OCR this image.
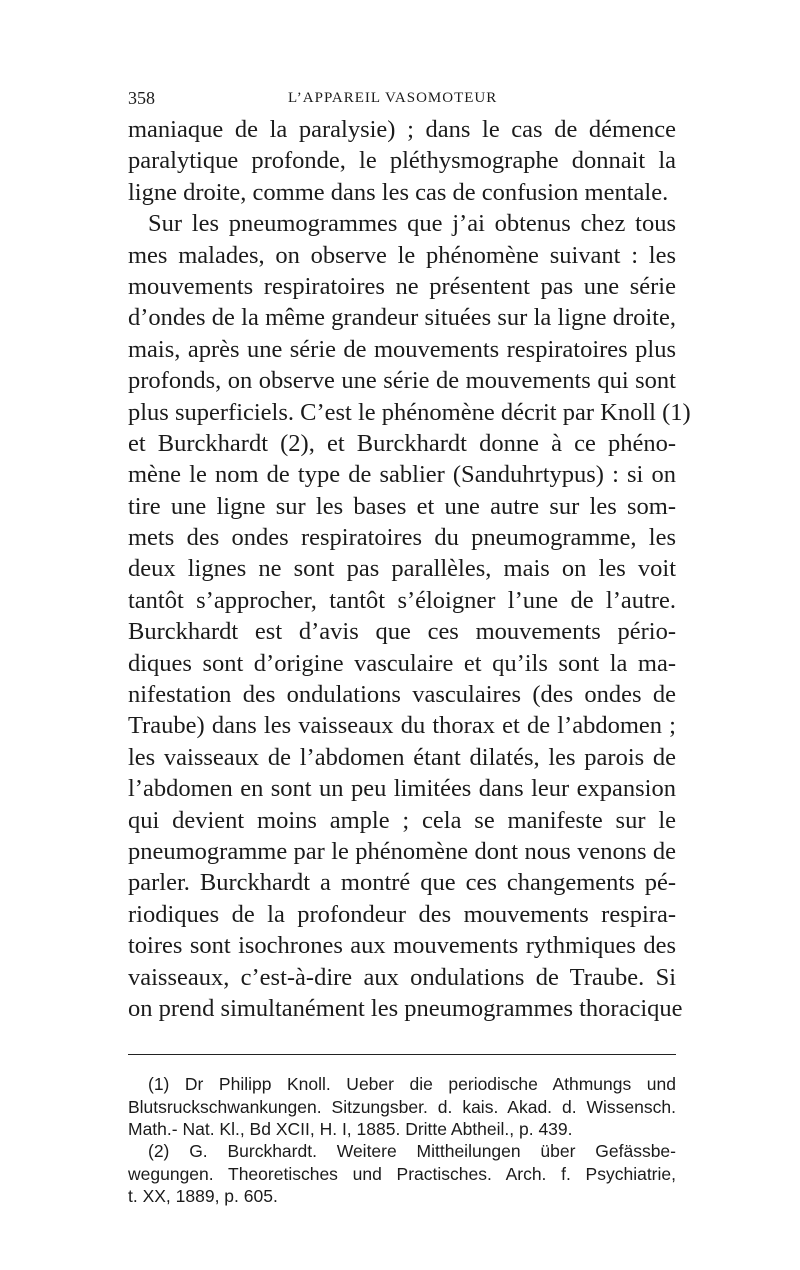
358	L’APPAREIL VASOMOTEUR
maniaque de la paralysie) ; dans le cas de démence
paralytique profonde, le pléthysmographe donnait la
ligne droite, comme dans les cas de confusion mentale.
Sur les pneumogrammes que j’ai obtenus chez tous
mes malades, on observe le phénomène suivant : les
mouvements respiratoires ne présentent pas une série
d’ondes de la même grandeur situées sur la ligne droite,
mais, après une série de mouvements respiratoires plus
profonds, on observe une série de mouvements qui sont
plus superficiels. C’est le phénomène décrit par Knoll (1)
et Burckhardt (2), et Burckhardt donne à ce phéno-
mène le nom de type de sablier (Sanduhrtypus) : si on
tire une ligne sur les bases et une autre sur les som-
mets des ondes respiratoires du pneumogramme, les
deux lignes ne sont pas parallèles, mais on les voit
tantôt s’approcher, tantôt s’éloigner l’une de l’autre.
Burckhardt est d’avis que ces mouvements pério-
diques sont d’origine vasculaire et qu’ils sont la ma-
nifestation des ondulations vasculaires (des ondes de
Traube) dans les vaisseaux du thorax et de l’abdomen ;
les vaisseaux de l’abdomen étant dilatés, les parois de
l’abdomen en sont un peu limitées dans leur expansion
qui devient moins ample ; cela se manifeste sur le
pneumogramme par le phénomène dont nous venons de
parler. Burckhardt a montré que ces changements pé-
riodiques de la profondeur des mouvements respira-
toires sont isochrones aux mouvements rythmiques des
vaisseaux, c’est-à-dire aux ondulations de Traube. Si
on prend simultanément les pneumogrammes thoracique
(1) Dr Philipp Knoll. Ueber die periodische Athmungs und
Blutsruckschwankungen. Sitzungsber. d. kais. Akad. d. Wissensch.
Math.- Nat. Kl., Bd XCII, H. I, 1885. Dritte Abtheil., p. 439.
(2) G. Burckhardt. Weitere Mittheilungen über Gefässbe-
wegungen. Theoretisches und Practisches. Arch. f. Psychiatrie,
t. XX, 1889, p. 605.
